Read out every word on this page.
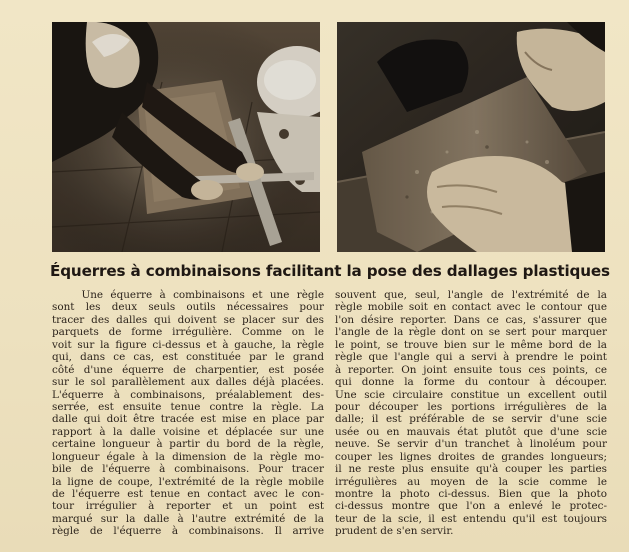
Équerres à combinaisons facilitant la pose des dallages plastiques
Une équerre à combinaisons et une règle
sont les deux seuls outils nécessaires pour
tracer des dalles qui doivent se placer sur des
parquets de forme irrégulière. Comme on le
voit sur la figure ci-dessus et à gauche, la règle
qui, dans ce cas, est constituée par le grand
côté d'une équerre de charpentier, est posée
sur le sol parallèlement aux dalles déjà placées.
L'équerre à combinaisons, préalablement des-
serrée, est ensuite tenue contre la règle. La
dalle qui doit être tracée est mise en place par
rapport à la dalle voisine et déplacée sur une
certaine longueur à partir du bord de la règle,
longueur égale à la dimension de la règle mo-
bile de l'équerre à combinaisons. Pour tracer
la ligne de coupe, l'extrémité de la règle mobile
de l'équerre est tenue en contact avec le con-
tour irrégulier à reporter et un point est
marqué sur la dalle à l'autre extrémité de la
règle de l'équerre à combinaisons. Il arrive
souvent que, seul, l'angle de l'extrémité de la
règle mobile soit en contact avec le contour que
l'on désire reporter. Dans ce cas, s'assurer que
l'angle de la règle dont on se sert pour marquer
le point, se trouve bien sur le même bord de la
règle que l'angle qui a servi à prendre le point
à reporter. On joint ensuite tous ces points, ce
qui donne la forme du contour à découper.
Une scie circulaire constitue un excellent outil
pour découper les portions irrégulières de la
dalle; il est préférable de se servir d'une scie
usée ou en mauvais état plutôt que d'une scie
neuve. Se servir d'un tranchet à linoléum pour
couper les lignes droites de grandes longueurs;
il ne reste plus ensuite qu'à couper les parties
irrégulières au moyen de la scie comme le
montre la photo ci-dessus. Bien que la photo
ci-dessus montre que l'on a enlevé le protec-
teur de la scie, il est entendu qu'il est toujours
prudent de s'en servir.
